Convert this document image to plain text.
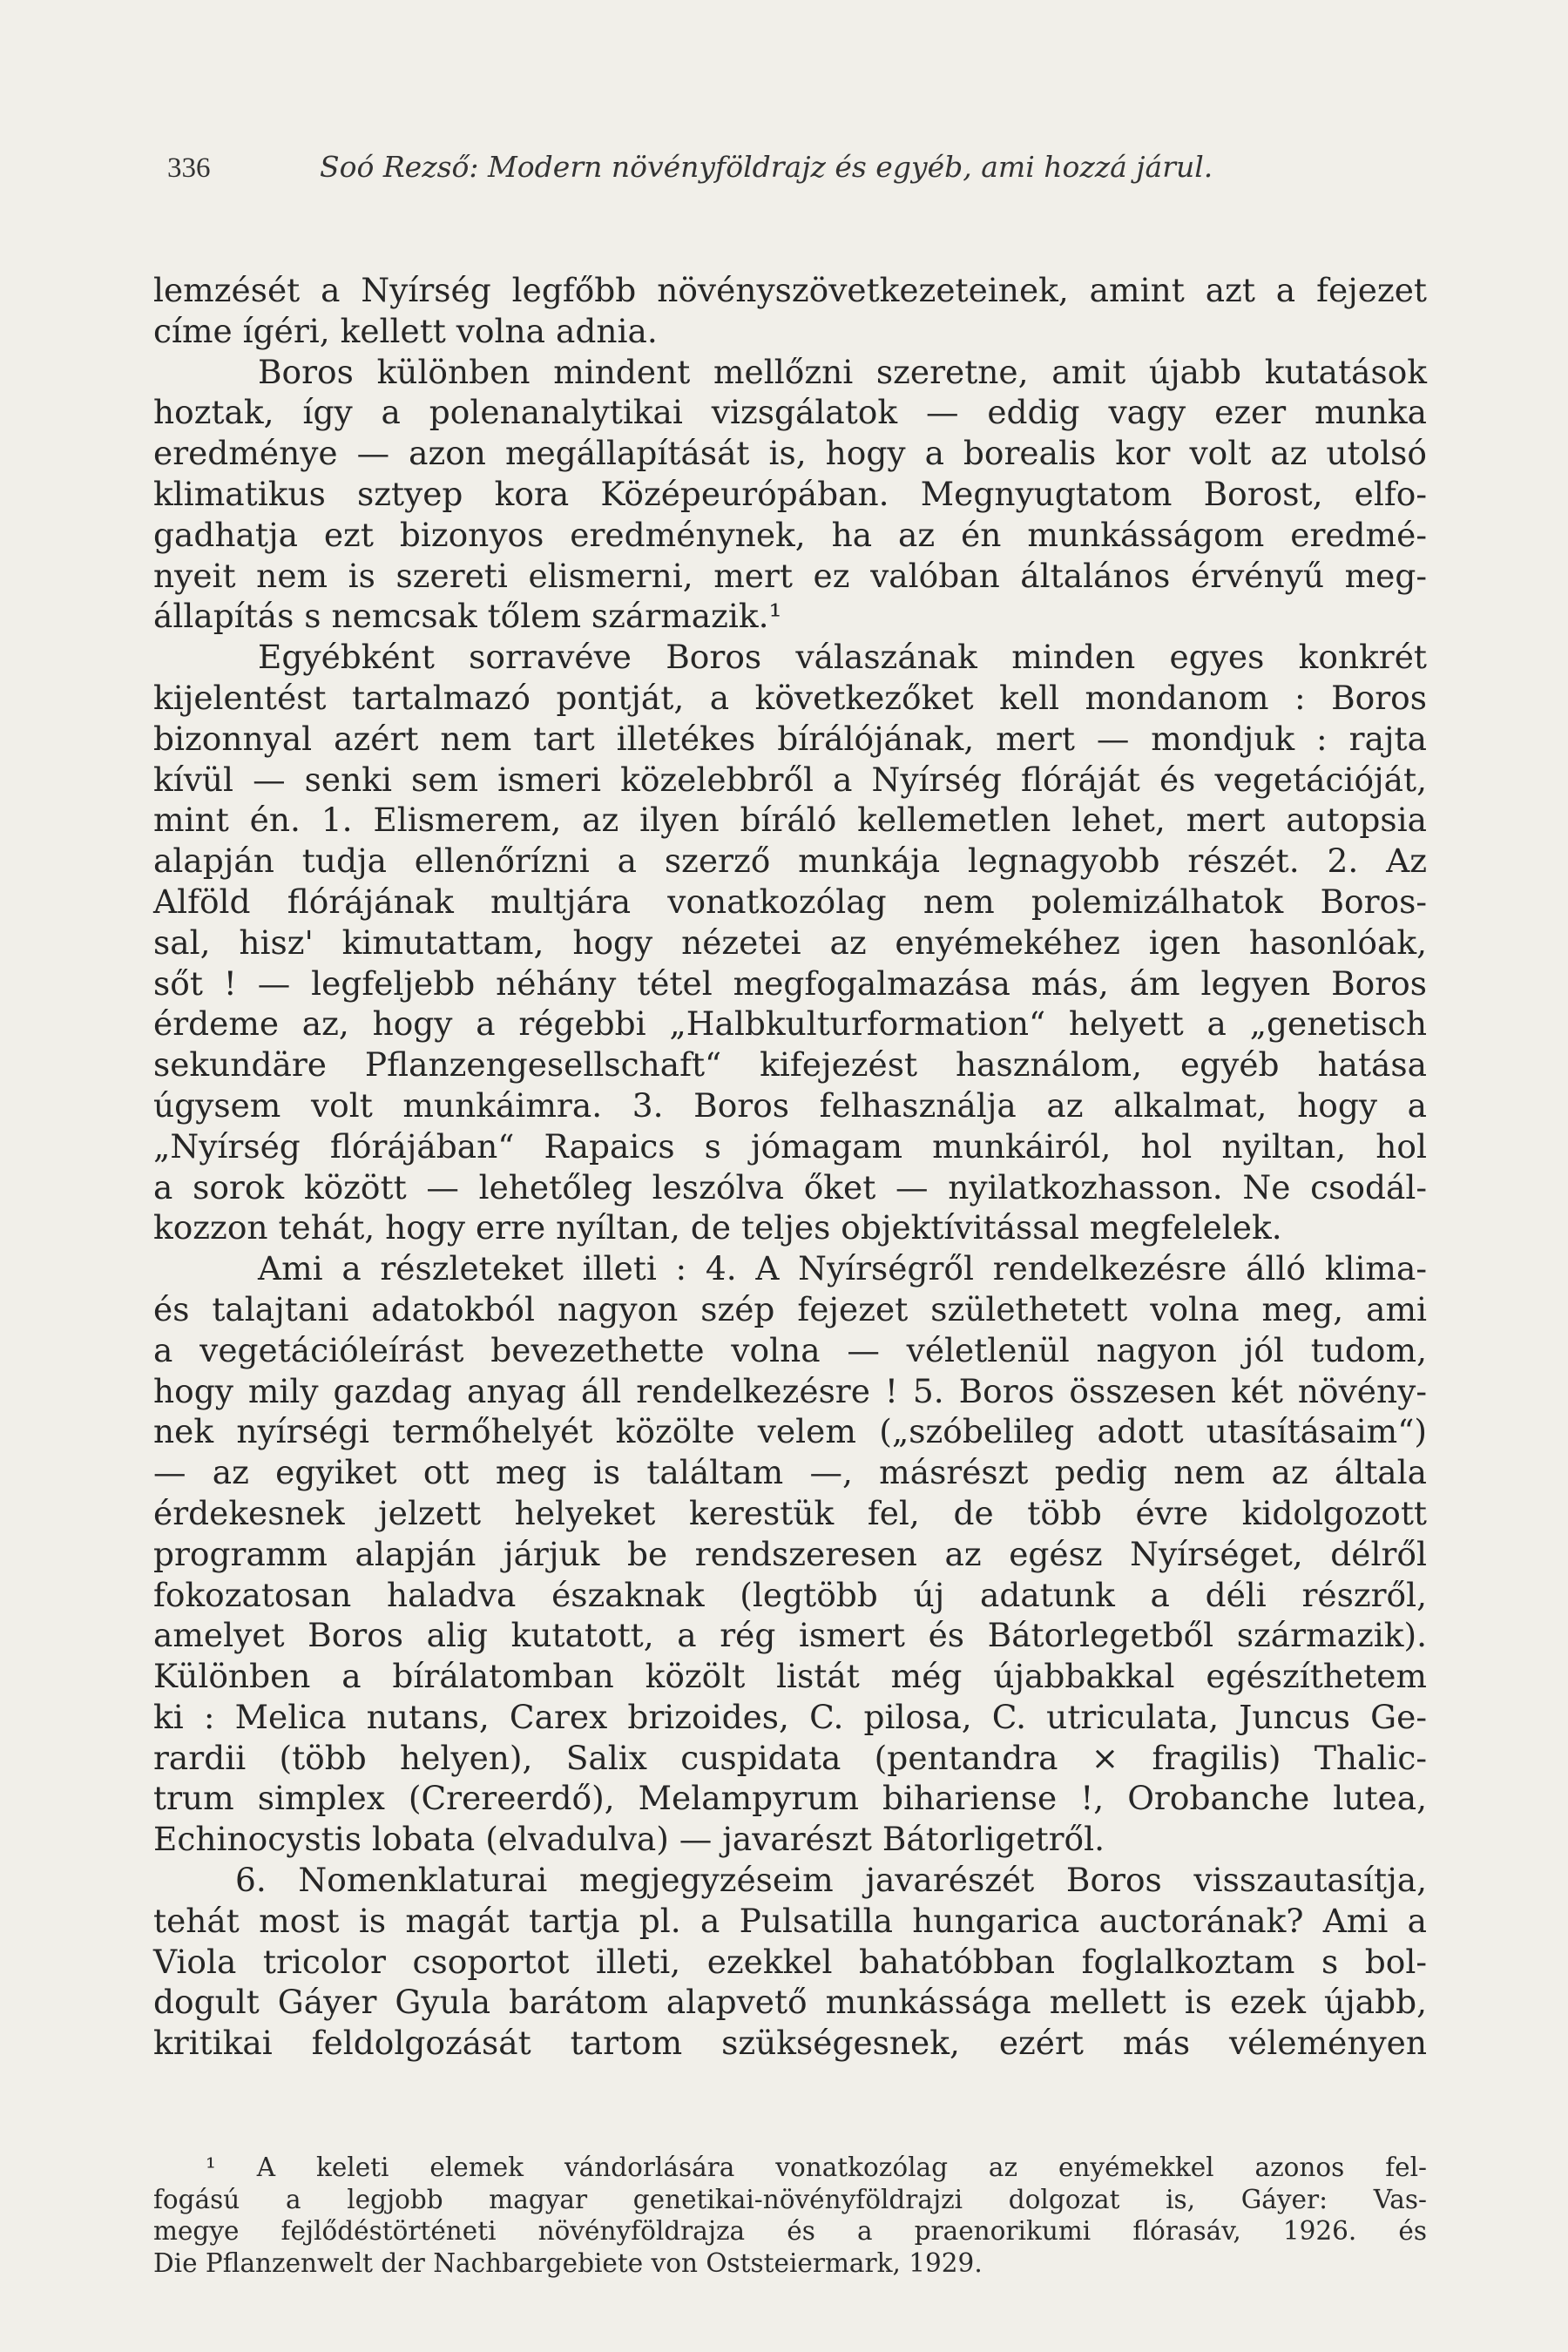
336	Soó Rezső: Modern növényföldrajz és egyéb, ami hozzá járul.
lemzését a Nyírség legfőbb növényszövetkezeteinek, amint azt a fejezet
címe ígéri, kellett volna adnia.
Boros különben mindent mellőzni szeretne, amit újabb kutatások
hoztak, így a polenanalytikai vizsgálatok — eddig vagy ezer munka
eredménye — azon megállapítását is, hogy a borealis kor volt az utolsó
klimatikus sztyep kora Középeurópában. Megnyugtatom Borost, elfo-
gadhatja ezt bizonyos eredménynek, ha az én munkásságom eredmé-
nyeit nem is szereti elismerni, mert ez valóban általános érvényű meg-
állapítás s nemcsak tőlem származik.¹
Egyébként sorravéve Boros válaszának minden egyes konkrét
kijelentést tartalmazó pontját, a következőket kell mondanom : Boros
bizonnyal azért nem tart illetékes bírálójának, mert — mondjuk : rajta
kívül — senki sem ismeri közelebbről a Nyírség flóráját és vegetációját,
mint én. 1. Elismerem, az ilyen bíráló kellemetlen lehet, mert autopsia
alapján tudja ellenőrízni a szerző munkája legnagyobb részét. 2. Az
Alföld flórájának multjára vonatkozólag nem polemizálhatok Boros-
sal, hisz' kimutattam, hogy nézetei az enyémekéhez igen hasonlóak,
sőt ! — legfeljebb néhány tétel megfogalmazása más, ám legyen Boros
érdeme az, hogy a régebbi „Halbkulturformation“ helyett a „genetisch
sekundäre Pflanzengesellschaft“ kifejezést használom, egyéb hatása
úgysem volt munkáimra. 3. Boros felhasználja az alkalmat, hogy a
„Nyírség flórájában“ Rapaics s jómagam munkáiról, hol nyiltan, hol
a sorok között — lehetőleg leszólva őket — nyilatkozhasson. Ne csodál-
kozzon tehát, hogy erre nyíltan, de teljes objektívitással megfelelek.
Ami a részleteket illeti : 4. A Nyírségről rendelkezésre álló klima-
és talajtani adatokból nagyon szép fejezet születhetett volna meg, ami
a vegetációleírást bevezethette volna — véletlenül nagyon jól tudom,
hogy mily gazdag anyag áll rendelkezésre ! 5. Boros összesen két növény-
nek nyírségi termőhelyét közölte velem („szóbelileg adott utasításaim“)
— az egyiket ott meg is találtam —, másrészt pedig nem az általa
érdekesnek jelzett helyeket kerestük fel, de több évre kidolgozott
programm alapján járjuk be rendszeresen az egész Nyírséget, délről
fokozatosan haladva északnak (legtöbb új adatunk a déli részről,
amelyet Boros alig kutatott, a rég ismert és Bátorlegetből származik).
Különben a bírálatomban közölt listát még újabbakkal egészíthetem
ki : Melica nutans, Carex brizoides, C. pilosa, C. utriculata, Juncus Ge-
rardii (több helyen), Salix cuspidata (pentandra × fragilis) Thalic-
trum simplex (Crereerdő), Melampyrum bihariense !, Orobanche lutea,
Echinocystis lobata (elvadulva) — javarészt Bátorligetről.
6. Nomenklaturai megjegyzéseim javarészét Boros visszautasítja,
tehát most is magát tartja pl. a Pulsatilla hungarica auctorának? Ami a
Viola tricolor csoportot illeti, ezekkel bahatóbban foglalkoztam s bol-
dogult Gáyer Gyula barátom alapvető munkássága mellett is ezek újabb,
kritikai feldolgozását tartom szükségesnek, ezért más véleményen
¹ A keleti elemek vándorlására vonatkozólag az enyémekkel azonos fel-
fogású a legjobb magyar genetikai-növényföldrajzi dolgozat is, Gáyer: Vas-
megye fejlődéstörténeti növényföldrajza és a praenorikumi flórasáv, 1926. és
Die Pflanzenwelt der Nachbargebiete von Oststeiermark, 1929.
